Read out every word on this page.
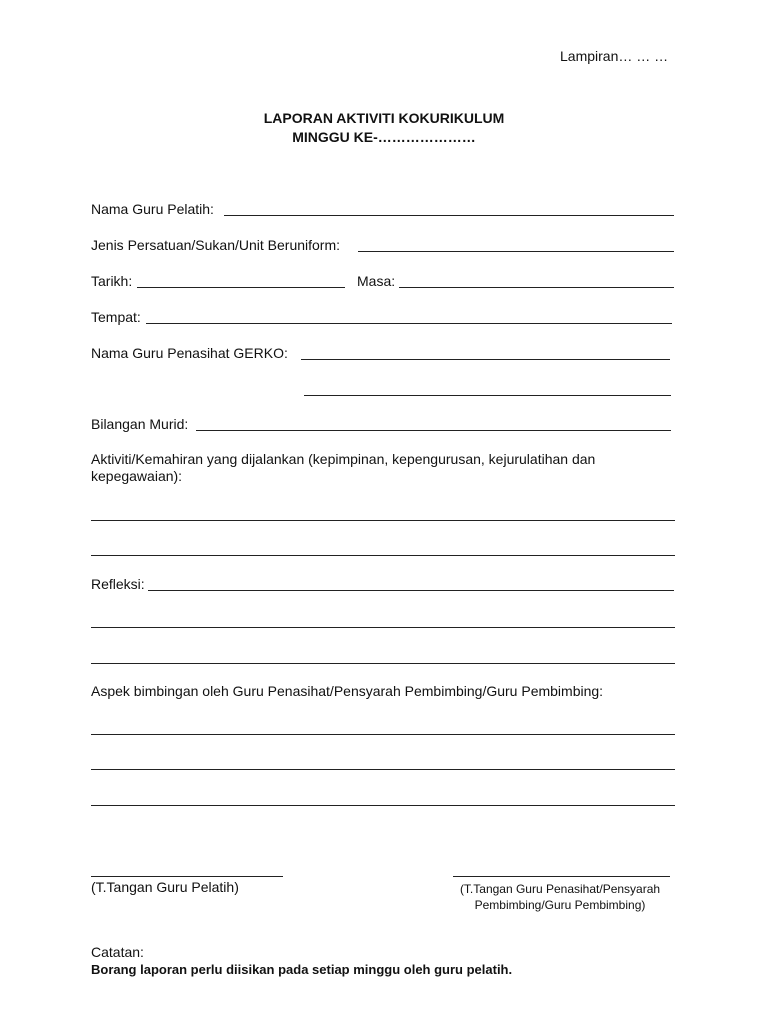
Lampiran… … …
LAPORAN AKTIVITI KOKURIKULUM
MINGGU KE-…………………
Nama Guru Pelatih:
Jenis Persatuan/Sukan/Unit Beruniform:
Tarikh:	Masa:
Tempat:
Nama Guru Penasihat GERKO:
Bilangan Murid:
Aktiviti/Kemahiran yang dijalankan (kepimpinan, kepengurusan, kejurulatihan dan kepegawaian):
Refleksi:
Aspek bimbingan oleh Guru Penasihat/Pensyarah Pembimbing/Guru Pembimbing:
(T.Tangan Guru Pelatih)	(T.Tangan Guru Penasihat/Pensyarah
Pembimbing/Guru Pembimbing)
Catatan:
Borang laporan perlu diisikan pada setiap minggu oleh guru pelatih.
